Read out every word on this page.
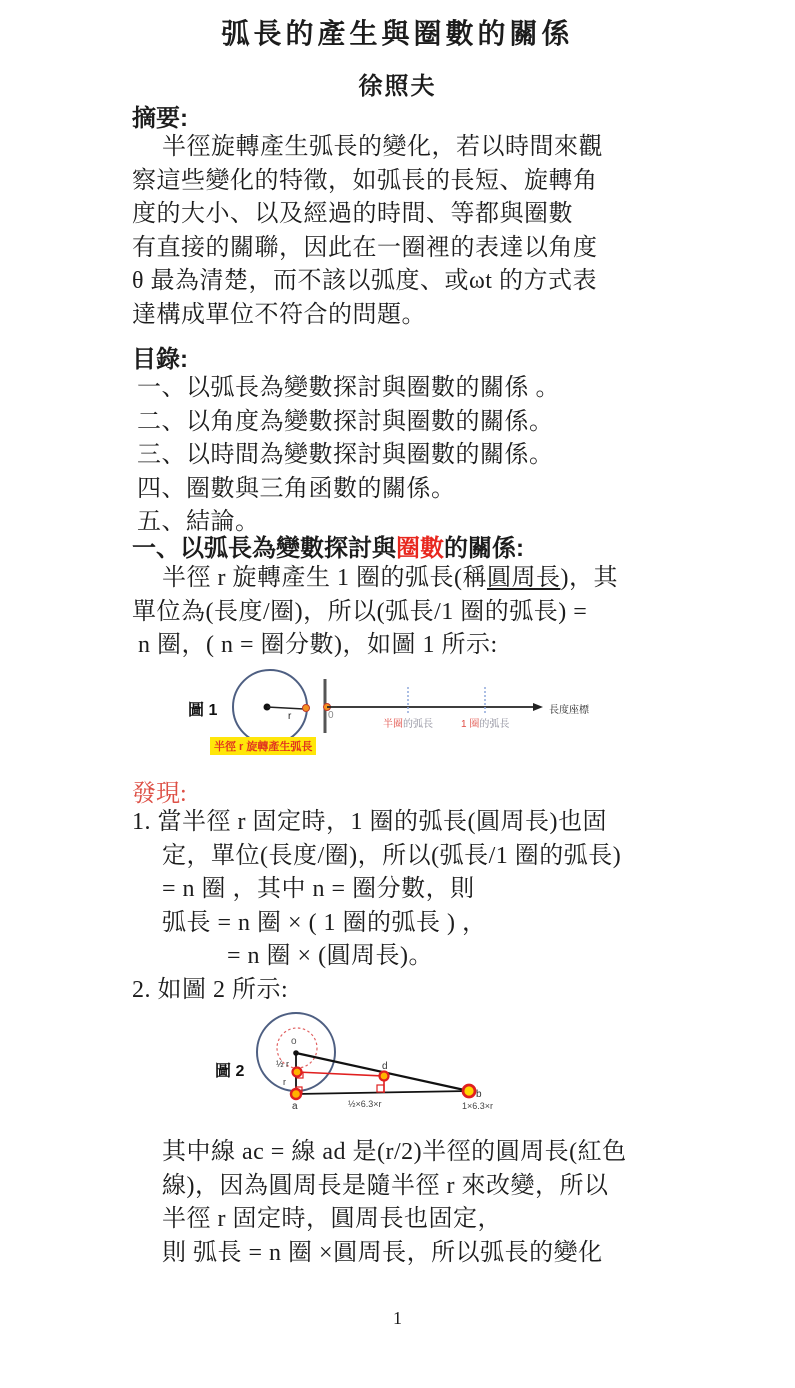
弧長的產生與圈數的關係
徐照夫
摘要:
半徑旋轉產生弧長的變化，若以時間來觀
察這些變化的特徵，如弧長的長短、旋轉角
度的大小、以及經過的時間、等都與圈數
有直接的關聯，因此在一圈裡的表達以角度
θ 最為清楚，而不該以弧度、或ωt 的方式表
達構成單位不符合的問題。
目錄:
一、以弧長為變數探討與圈數的關係 。
二、以角度為變數探討與圈數的關係。
三、以時間為變數探討與圈數的關係。
四、圈數與三角函數的關係。
五、結論。
一、以弧長為變數探討與圈數的關係:
半徑 r 旋轉產生 1 圈的弧長(稱圓周長)，其
單位為(長度/圈)，所以(弧長/1 圈的弧長) =
n 圈，( n = 圈分數)，如圖 1 所示:
圖 1	r	0
半圈的弧長	1 圈的弧長
長度座標
半徑 r 旋轉產生弧長
發現:
1. 當半徑 r 固定時，1 圈的弧長(圓周長)也固
定，單位(長度/圈)，所以(弧長/1 圈的弧長)
= n 圈 ，其中 n = 圈分數，則
弧長 = n 圈 × ( 1 圈的弧長 ) ，
= n 圈 × (圓周長)。
2. 如圖 2 所示:
圖 2
o
½ r
r
a
d
b
½×6.3×r	1×6.3×r
其中線 ac = 線 ad 是(r/2)半徑的圓周長(紅色
線)，因為圓周長是隨半徑 r 來改變，所以
半徑 r 固定時，圓周長也固定，
則 弧長 = n 圈 ×圓周長，所以弧長的變化
1
